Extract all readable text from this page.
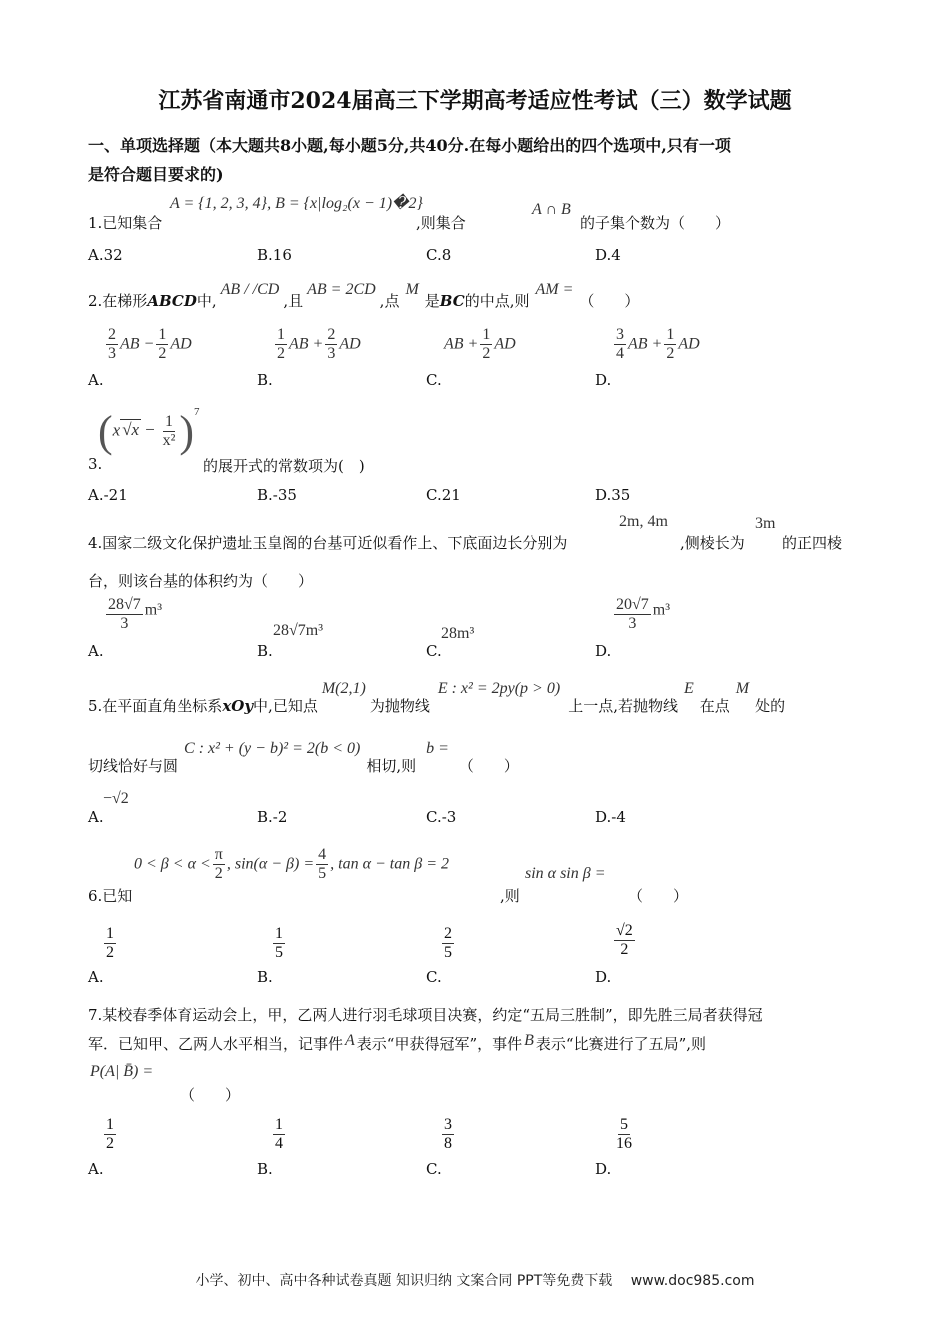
江苏省南通市2024届高三下学期高考适应性考试（三）数学试题
一、单项选择题（本大题共8小题,每小题5分,共40分.在每小题给出的四个选项中,只有一项
是符合题目要求的)
1.已知集合
A = {1, 2, 3, 4}, B = {x|log₂(x − 1)�2}
,则集合
A ∩ B
的子集个数为（　　）
A.32	B.16	C.8	D.4
2.在梯形ABCD中,AB / /CD,且AB = 2CD,点M是BC的中点,则AM =（　　）
$\frac{2}{3}$ AB − $\frac{1}{2}$ AD	$\frac{1}{2}$ AB + $\frac{2}{3}$ AD	AB + $\frac{1}{2}$ AD	$\frac{3}{4}$ AB + $\frac{1}{2}$ AD
A.	B.	C.	D.
(x $√x - \frac{1}{\text{x²}} )^7$
3.	的展开式的常数项为(　)
A.-21	B.-35	C.21	D.35
4.国家二级文化保护遗址玉皇阁的台基可近似看作上、下底面边长分别为
2m, 4m
,侧棱长为
3m
的正四棱
台，则该台基的体积约为（　　）
$\frac{28√7}{3} m^3$
28√7m³	28m³	$\frac{20√7}{3} m^3$
A.	B.	C.	D.
5.在平面直角坐标系xOy中,已知点M(2,1)为抛物线E : x² = 2py(p > 0)上一点,若抛物线E在点M处的
切线恰好与圆C : x² + (y − b)² = 2(b < 0)相切,则b =（　　）
−√2
A.	B.-2	C.-3	D.-4
$0 < \beta < \alpha < \frac{\pi}{2}$ , $\sin(\alpha - \beta) = \frac{4}{5}$ , tan α − tan β = 2
6.已知	,则
sin α sin β =
（　　）
$\frac{1}{2}$	$\frac{1}{5}$	$\frac{2}{5}$	$\frac{√2}{2}$
A.	B.	C.	D.
7.某校春季体育运动会上，甲，乙两人进行羽毛球项目决赛，约定“五局三胜制”，即先胜三局者获得冠
军．已知甲、乙两人水平相当，记事件 A 表示“甲获得冠军”，事件 B 表示“比赛进行了五局”,则
P(A| B̄) =
（　　）
$\frac{1}{2}$	$\frac{1}{4}$	$\frac{3}{8}$	$\frac{5}{16}$
A.	B.	C.	D.
小学、初中、高中各种试卷真题 知识归纳 文案合同 PPT等免费下载　 www.doc985.com
